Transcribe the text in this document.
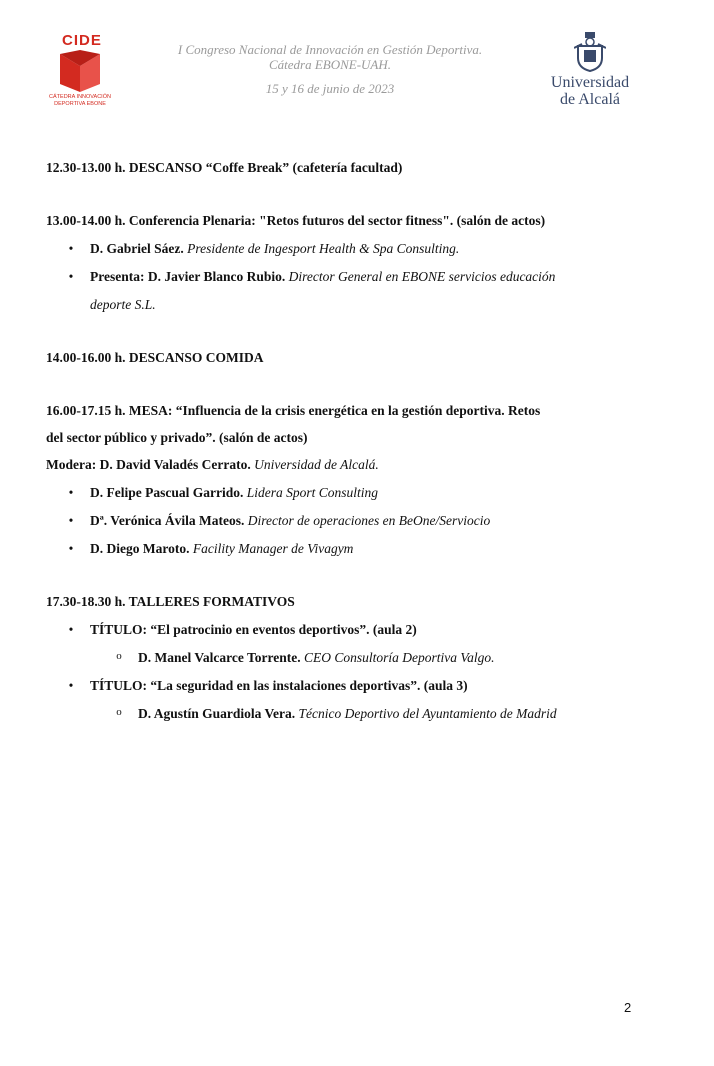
CIDE
CÁTEDRA INNOVACIÓN
DEPORTIVA EBONE
I Congreso Nacional de Innovación en Gestión Deportiva.
Cátedra EBONE-UAH.
15 y 16 de junio de 2023	Universidad
de Alcalá
12.30-13.00 h. DESCANSO “Coffe Break” (cafetería facultad)
13.00-14.00 h. Conferencia Plenaria: "Retos futuros del sector fitness". (salón de actos)
• D. Gabriel Sáez. Presidente de Ingesport Health & Spa Consulting.
• Presenta: D. Javier Blanco Rubio. Director General en EBONE servicios educación
deporte S.L.
14.00-16.00 h. DESCANSO COMIDA
16.00-17.15 h. MESA: “Influencia de la crisis energética en la gestión deportiva. Retos
del sector público y privado”. (salón de actos)
Modera: D. David Valadés Cerrato. Universidad de Alcalá.
• D. Felipe Pascual Garrido. Lidera Sport Consulting
• Dª. Verónica Ávila Mateos. Director de operaciones en BeOne/Serviocio
• D. Diego Maroto. Facility Manager de Vivagym
17.30-18.30 h. TALLERES FORMATIVOS
• TÍTULO: “El patrocinio en eventos deportivos”. (aula 2)
o D. Manel Valcarce Torrente. CEO Consultoría Deportiva Valgo.
• TÍTULO: “La seguridad en las instalaciones deportivas”. (aula 3)
o D. Agustín Guardiola Vera. Técnico Deportivo del Ayuntamiento de Madrid
2
